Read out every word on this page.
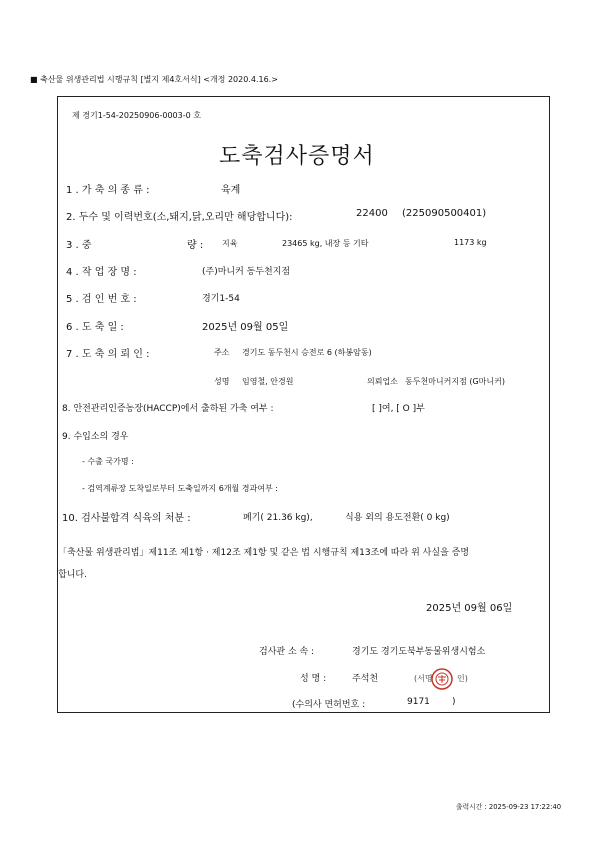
■ 축산물 위생관리법 시행규칙 [별지 제4호서식] <개정 2020.4.16.>
제 경기1-54-20250906-0003-0 호
도축검사증명서
1 . 가 축 의 종 류 :	육계
2. 두수 및 이력번호(소,돼지,닭,오리만 해당합니다):	22400 (225090500401)
3 . 중	량 : 지육	23465 kg, 내장 등 기타	1173 kg
4 . 작 업 장 명 :	(주)마니커 동두천지점
5 . 검 인 번 호 :	경기1-54
6 . 도 축 일 :	2025년 09월 05일
7 . 도 축 의 뢰 인 :	주소 경기도 동두천시 승전로 6 (하봉암동)
성명 임영철, 안경원	의뢰업소 동두천마니커지점 (G마니커)
8. 안전관리인증농장(HACCP)에서 출하된 가축 여부 :	[ ]여, [ O ]부
9. 수입소의 경우
- 수출 국가명 :
- 검역계류장 도착일로부터 도축일까지 6개월 경과여부 :
10. 검사불합격 식육의 처분 :	폐기( 21.36 kg),	식용 외의 용도전환( 0 kg)
「축산물 위생관리법」제11조 제1항 · 제12조 제1항 및 같은 법 시행규칙 제13조에 따라 위 사실을 증명
합니다.
2025년 09월 06일
검사관 소 속 :	경기도 경기도북부동물위생시험소
성 명 :	주석천	(서명	인)
(수의사 면허번호 :	9171 )
출력시간 : 2025-09-23 17:22:40
